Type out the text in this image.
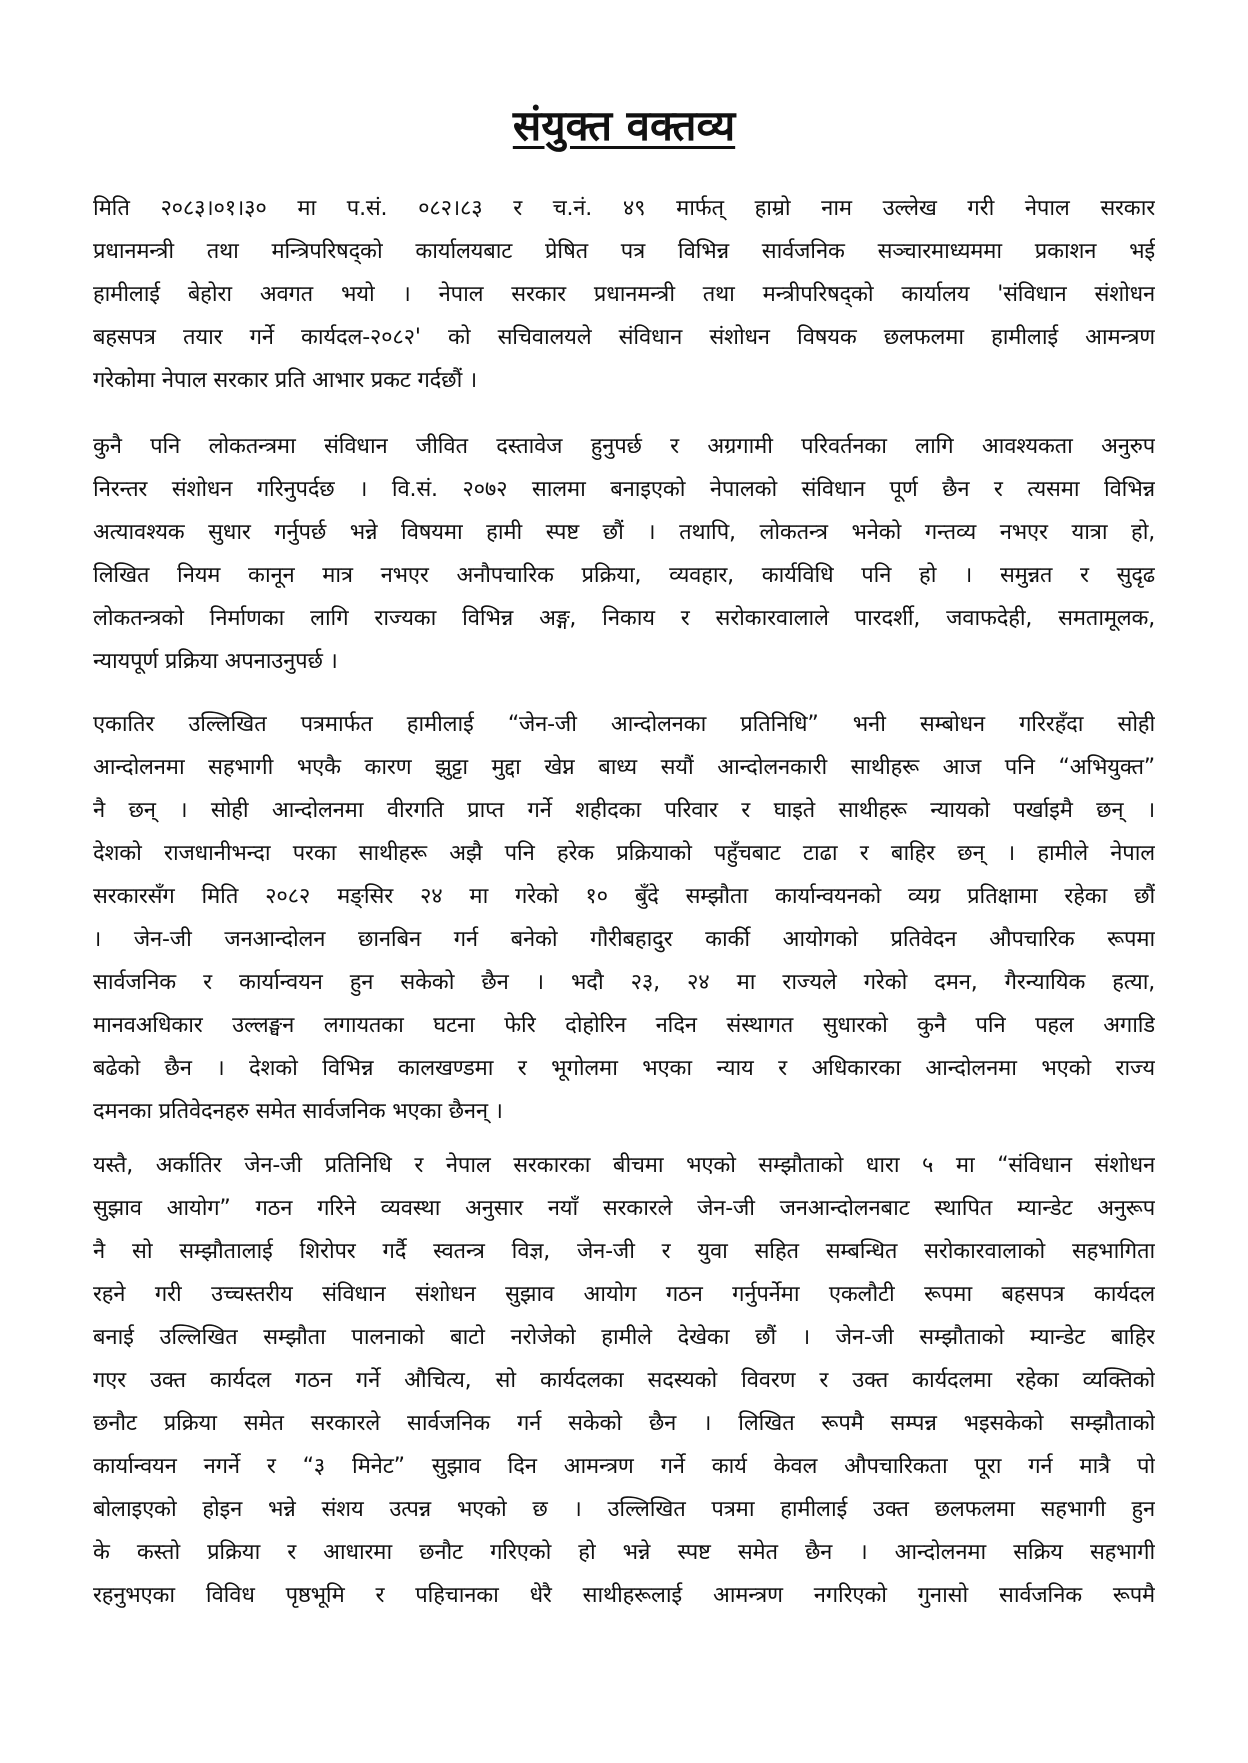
संयुक्त वक्तव्य
मिति २०८३।०१।३० मा प.सं. ०८२।८३ र च.नं. ४९ मार्फत् हाम्रो नाम उल्लेख गरी नेपाल सरकार
प्रधानमन्त्री तथा मन्त्रिपरिषद्को कार्यालयबाट प्रेषित पत्र विभिन्न सार्वजनिक सञ्चारमाध्यममा प्रकाशन भई
हामीलाई बेहोरा अवगत भयो । नेपाल सरकार प्रधानमन्त्री तथा मन्त्रीपरिषद्को कार्यालय 'संविधान संशोधन
बहसपत्र तयार गर्ने कार्यदल-२०८२' को सचिवालयले संविधान संशोधन विषयक छलफलमा हामीलाई आमन्त्रण
गरेकोमा नेपाल सरकार प्रति आभार प्रकट गर्दछौं ।
कुनै पनि लोकतन्त्रमा संविधान जीवित दस्तावेज हुनुपर्छ र अग्रगामी परिवर्तनका लागि आवश्यकता अनुरुप
निरन्तर संशोधन गरिनुपर्दछ । वि.सं. २०७२ सालमा बनाइएको नेपालको संविधान पूर्ण छैन र त्यसमा विभिन्न
अत्यावश्यक सुधार गर्नुपर्छ भन्ने विषयमा हामी स्पष्ट छौं । तथापि, लोकतन्त्र भनेको गन्तव्य नभएर यात्रा हो,
लिखित नियम कानून मात्र नभएर अनौपचारिक प्रक्रिया, व्यवहार, कार्यविधि पनि हो । समुन्नत र सुदृढ
लोकतन्त्रको निर्माणका लागि राज्यका विभिन्न अङ्ग, निकाय र सरोकारवालाले पारदर्शी, जवाफदेही, समतामूलक,
न्यायपूर्ण प्रक्रिया अपनाउनुपर्छ ।
एकातिर उल्लिखित पत्रमार्फत हामीलाई “जेन-जी आन्दोलनका प्रतिनिधि” भनी सम्बोधन गरिरहँदा सोही
आन्दोलनमा सहभागी भएकै कारण झुट्टा मुद्दा खेप्न बाध्य सयौं आन्दोलनकारी साथीहरू आज पनि “अभियुक्त”
नै छन् । सोही आन्दोलनमा वीरगति प्राप्त गर्ने शहीदका परिवार र घाइते साथीहरू न्यायको पर्खाइमै छन् ।
देशको राजधानीभन्दा परका साथीहरू अझै पनि हरेक प्रक्रियाको पहुँचबाट टाढा र बाहिर छन् । हामीले नेपाल
सरकारसँग मिति २०८२ मङ्सिर २४ मा गरेको १० बुँदे सम्झौता कार्यान्वयनको व्यग्र प्रतिक्षामा रहेका छौं
। जेन-जी जनआन्दोलन छानबिन गर्न बनेको गौरीबहादुर कार्की आयोगको प्रतिवेदन औपचारिक रूपमा
सार्वजनिक र कार्यान्वयन हुन सकेको छैन । भदौ २३, २४ मा राज्यले गरेको दमन, गैरन्यायिक हत्या,
मानवअधिकार उल्लङ्घन लगायतका घटना फेरि दोहोरिन नदिन संस्थागत सुधारको कुनै पनि पहल अगाडि
बढेको छैन । देशको विभिन्न कालखण्डमा र भूगोलमा भएका न्याय र अधिकारका आन्दोलनमा भएको राज्य
दमनका प्रतिवेदनहरु समेत सार्वजनिक भएका छैनन् ।
यस्तै, अर्कातिर जेन-जी प्रतिनिधि र नेपाल सरकारका बीचमा भएको सम्झौताको धारा ५ मा “संविधान संशोधन
सुझाव आयोग” गठन गरिने व्यवस्था अनुसार नयाँ सरकारले जेन-जी जनआन्दोलनबाट स्थापित म्यान्डेट अनुरूप
नै सो सम्झौतालाई शिरोपर गर्दै स्वतन्त्र विज्ञ, जेन-जी र युवा सहित सम्बन्धित सरोकारवालाको सहभागिता
रहने गरी उच्चस्तरीय संविधान संशोधन सुझाव आयोग गठन गर्नुपर्नेमा एकलौटी रूपमा बहसपत्र कार्यदल
बनाई उल्लिखित सम्झौता पालनाको बाटो नरोजेको हामीले देखेका छौं । जेन-जी सम्झौताको म्यान्डेट बाहिर
गएर उक्त कार्यदल गठन गर्ने औचित्य, सो कार्यदलका सदस्यको विवरण र उक्त कार्यदलमा रहेका व्यक्तिको
छनौट प्रक्रिया समेत सरकारले सार्वजनिक गर्न सकेको छैन । लिखित रूपमै सम्पन्न भइसकेको सम्झौताको
कार्यान्वयन नगर्ने र “३ मिनेट” सुझाव दिन आमन्त्रण गर्ने कार्य केवल औपचारिकता पूरा गर्न मात्रै पो
बोलाइएको होइन भन्ने संशय उत्पन्न भएको छ । उल्लिखित पत्रमा हामीलाई उक्त छलफलमा सहभागी हुन
के कस्तो प्रक्रिया र आधारमा छनौट गरिएको हो भन्ने स्पष्ट समेत छैन । आन्दोलनमा सक्रिय सहभागी
रहनुभएका विविध पृष्ठभूमि र पहिचानका धेरै साथीहरूलाई आमन्त्रण नगरिएको गुनासो सार्वजनिक रूपमै
